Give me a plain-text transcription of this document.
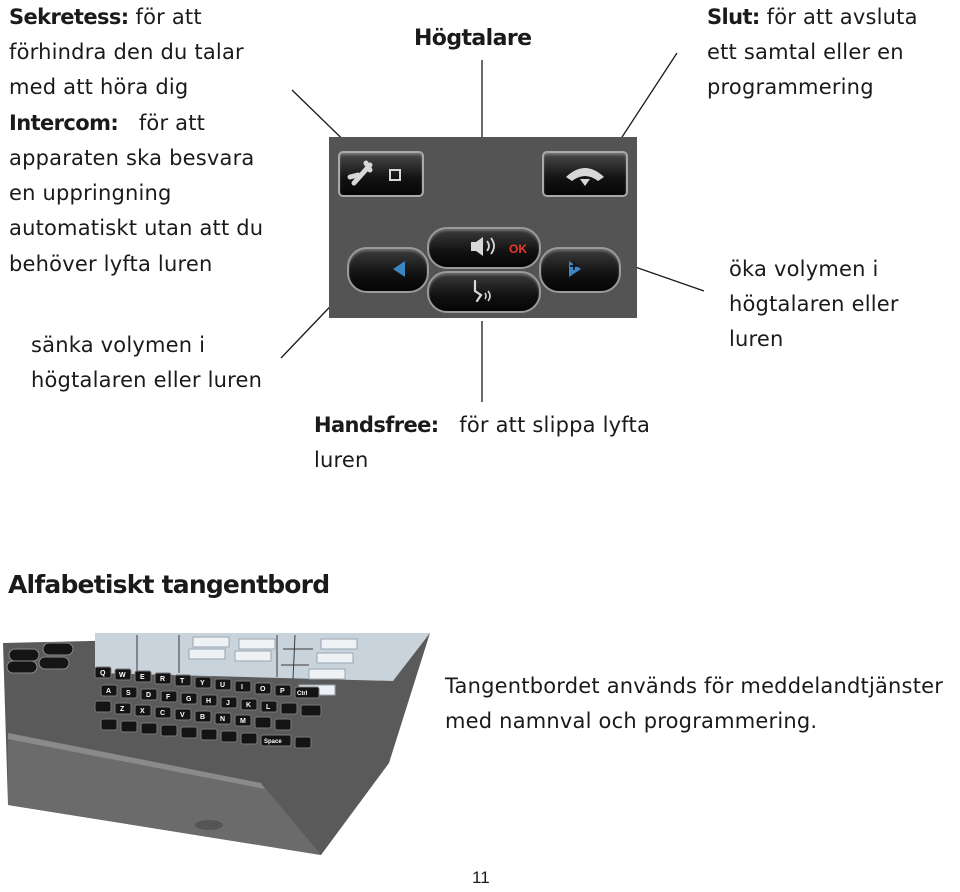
Sekretess: för att
förhindra den du talar
med att höra dig
Intercom: för att
apparaten ska besvara
en uppringning
automatiskt utan att du
behöver lyfta luren
sänka volymen i
högtalaren eller luren
Högtalare
Handsfree: för att slippa lyfta
luren
Slut: för att avsluta
ett samtal eller en
programmering
öka volymen i
högtalaren eller
luren
OK
Alfabetiskt tangentbord
Q W E R T Y U I O P Ctrl
A S D F G H J K L
Z X C V B N M
Space
Tangentbordet används för meddelandtjänster
med namnval och programmering.
11
